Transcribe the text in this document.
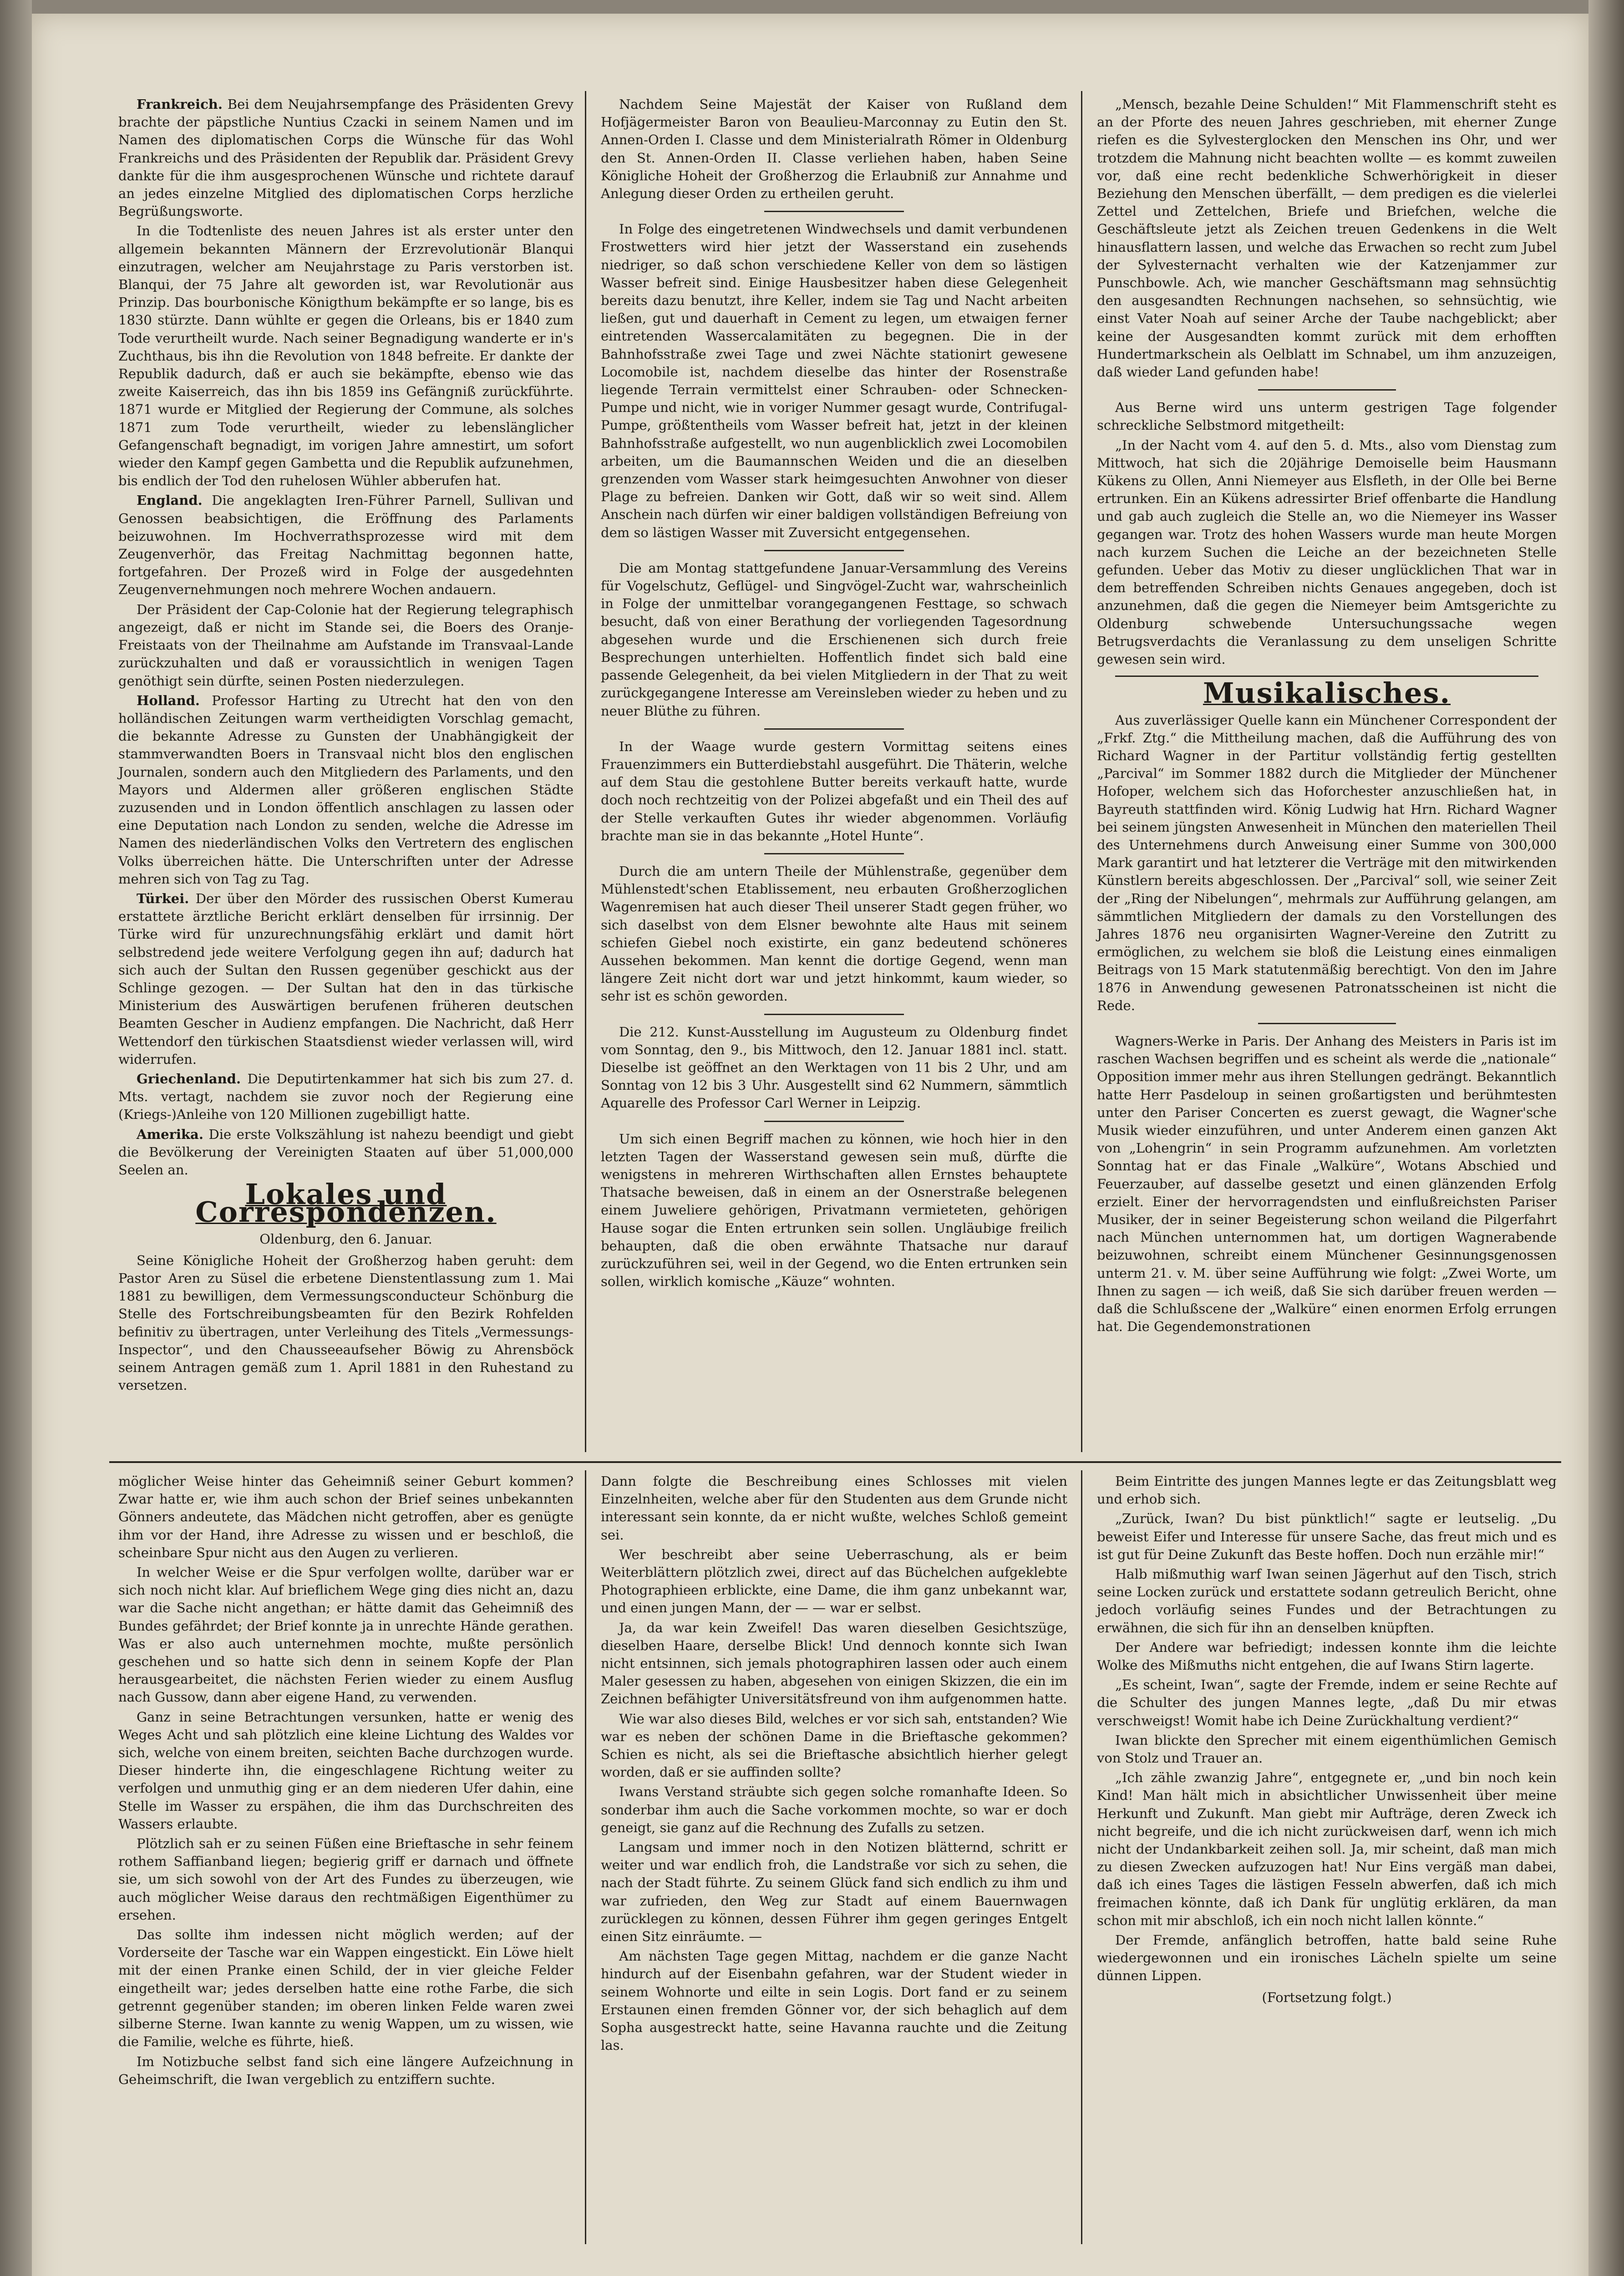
Frankreich. Bei dem Neujahrsempfange des Präsidenten Grevy brachte der päpstliche Nuntius Czacki in seinem Namen und im Namen des diplomatischen Corps die Wünsche für das Wohl Frankreichs und des Präsidenten der Republik dar. Präsident Grevy dankte für die ihm ausgesprochenen Wünsche und richtete darauf an jedes einzelne Mitglied des diplomatischen Corps herzliche Begrüßungsworte.

In die Todtenliste des neuen Jahres ist als erster unter den allgemein bekannten Männern der Erzrevolutionär Blanqui einzutragen, welcher am Neujahrstage zu Paris verstorben ist. Blanqui, der 75 Jahre alt geworden ist, war Revolutionär aus Prinzip. Das bourbonische Königthum bekämpfte er so lange, bis es 1830 stürzte. Dann wühlte er gegen die Orleans, bis er 1840 zum Tode verurtheilt wurde. Nach seiner Begnadigung wanderte er in's Zuchthaus, bis ihn die Revolution von 1848 befreite. Er dankte der Republik dadurch, daß er auch sie bekämpfte, ebenso wie das zweite Kaiserreich, das ihn bis 1859 ins Gefängniß zurückführte. 1871 wurde er Mitglied der Regierung der Commune, als solches 1871 zum Tode verurtheilt, wieder zu lebenslänglicher Gefangenschaft begnadigt, im vorigen Jahre amnestirt, um sofort wieder den Kampf gegen Gambetta und die Republik aufzunehmen, bis endlich der Tod den ruhelosen Wühler abberufen hat.

England. Die angeklagten Iren-Führer Parnell, Sullivan und Genossen beabsichtigen, die Eröffnung des Parlaments beizuwohnen. Im Hochverrathsprozesse wird mit dem Zeugenverhör, das Freitag Nachmittag begonnen hatte, fortgefahren. Der Prozeß wird in Folge der ausgedehnten Zeugenvernehmungen noch mehrere Wochen andauern.

Der Präsident der Cap-Colonie hat der Regierung telegraphisch angezeigt, daß er nicht im Stande sei, die Boers des Oranje-Freistaats von der Theilnahme am Aufstande im Transvaal-Lande zurückzuhalten und daß er voraussichtlich in wenigen Tagen genöthigt sein dürfte, seinen Posten niederzulegen.

Holland. Professor Harting zu Utrecht hat den von den holländischen Zeitungen warm vertheidigten Vorschlag gemacht, die bekannte Adresse zu Gunsten der Unabhängigkeit der stammverwandten Boers in Transvaal nicht blos den englischen Journalen, sondern auch den Mitgliedern des Parlaments, und den Mayors und Aldermen aller größeren englischen Städte zuzusenden und in London öffentlich anschlagen zu lassen oder eine Deputation nach London zu senden, welche die Adresse im Namen des niederländischen Volks den Vertretern des englischen Volks überreichen hätte. Die Unterschriften unter der Adresse mehren sich von Tag zu Tag.

Türkei. Der über den Mörder des russischen Oberst Kumerau erstattete ärztliche Bericht erklärt denselben für irrsinnig. Der Türke wird für unzurechnungsfähig erklärt und damit hört selbstredend jede weitere Verfolgung gegen ihn auf; dadurch hat sich auch der Sultan den Russen gegenüber geschickt aus der Schlinge gezogen. — Der Sultan hat den in das türkische Ministerium des Auswärtigen berufenen früheren deutschen Beamten Gescher in Audienz empfangen. Die Nachricht, daß Herr Wettendorf den türkischen Staatsdienst wieder verlassen will, wird widerrufen.

Griechenland. Die Deputirtenkammer hat sich bis zum 27. d. Mts. vertagt, nachdem sie zuvor noch der Regierung eine (Kriegs-)Anleihe von 120 Millionen zugebilligt hatte.

Amerika. Die erste Volkszählung ist nahezu beendigt und giebt die Bevölkerung der Vereinigten Staaten auf über 51,000,000 Seelen an.

Lokales und Correspondenzen.

Oldenburg, den 6. Januar.

Seine Königliche Hoheit der Großherzog haben geruht: dem Pastor Aren zu Süsel die erbetene Dienstentlassung zum 1. Mai 1881 zu bewilligen, dem Vermessungsconducteur Schönburg die Stelle des Fortschreibungsbeamten für den Bezirk Rohfelden befinitiv zu übertragen, unter Verleihung des Titels „Vermessungs-Inspector“, und den Chausseeaufseher Böwig zu Ahrensböck seinem Antragen gemäß zum 1. April 1881 in den Ruhestand zu versetzen.

Nachdem Seine Majestät der Kaiser von Rußland dem Hofjägermeister Baron von Beaulieu-Marconnay zu Eutin den St. Annen-Orden I. Classe und dem Ministerialrath Römer in Oldenburg den St. Annen-Orden II. Classe verliehen haben, haben Seine Königliche Hoheit der Großherzog die Erlaubniß zur Annahme und Anlegung dieser Orden zu ertheilen geruht.

In Folge des eingetretenen Windwechsels und damit verbundenen Frostwetters wird hier jetzt der Wasserstand ein zusehends niedriger, so daß schon verschiedene Keller von dem so lästigen Wasser befreit sind. Einige Hausbesitzer haben diese Gelegenheit bereits dazu benutzt, ihre Keller, indem sie Tag und Nacht arbeiten ließen, gut und dauerhaft in Cement zu legen, um etwaigen ferner eintretenden Wassercalamitäten zu begegnen. Die in der Bahnhofsstraße zwei Tage und zwei Nächte stationirt gewesene Locomobile ist, nachdem dieselbe das hinter der Rosenstraße liegende Terrain vermittelst einer Schrauben- oder Schnecken-Pumpe und nicht, wie in voriger Nummer gesagt wurde, Contrifugal-Pumpe, größtentheils vom Wasser befreit hat, jetzt in der kleinen Bahnhofsstraße aufgestellt, wo nun augenblicklich zwei Locomobilen arbeiten, um die Baumannschen Weiden und die an dieselben grenzenden vom Wasser stark heimgesuchten Anwohner von dieser Plage zu befreien. Danken wir Gott, daß wir so weit sind. Allem Anschein nach dürfen wir einer baldigen vollständigen Befreiung von dem so lästigen Wasser mit Zuversicht entgegensehen.

Die am Montag stattgefundene Januar-Versammlung des Vereins für Vogelschutz, Geflügel- und Singvögel-Zucht war, wahrscheinlich in Folge der unmittelbar vorangegangenen Festtage, so schwach besucht, daß von einer Berathung der vorliegenden Tagesordnung abgesehen wurde und die Erschienenen sich durch freie Besprechungen unterhielten. Hoffentlich findet sich bald eine passende Gelegenheit, da bei vielen Mitgliedern in der That zu weit zurückgegangene Interesse am Vereinsleben wieder zu heben und zu neuer Blüthe zu führen.

In der Waage wurde gestern Vormittag seitens eines Frauenzimmers ein Butterdiebstahl ausgeführt. Die Thäterin, welche auf dem Stau die gestohlene Butter bereits verkauft hatte, wurde doch noch rechtzeitig von der Polizei abgefaßt und ein Theil des auf der Stelle verkauften Gutes ihr wieder abgenommen. Vorläufig brachte man sie in das bekannte „Hotel Hunte“.

Durch die am untern Theile der Mühlenstraße, gegenüber dem Mühlenstedt'schen Etablissement, neu erbauten Großherzoglichen Wagenremisen hat auch dieser Theil unserer Stadt gegen früher, wo sich daselbst von dem Elsner bewohnte alte Haus mit seinem schiefen Giebel noch existirte, ein ganz bedeutend schöneres Aussehen bekommen. Man kennt die dortige Gegend, wenn man längere Zeit nicht dort war und jetzt hinkommt, kaum wieder, so sehr ist es schön geworden.

Die 212. Kunst-Ausstellung im Augusteum zu Oldenburg findet vom Sonntag, den 9., bis Mittwoch, den 12. Januar 1881 incl. statt. Dieselbe ist geöffnet an den Werktagen von 11 bis 2 Uhr, und am Sonntag von 12 bis 3 Uhr. Ausgestellt sind 62 Nummern, sämmtlich Aquarelle des Professor Carl Werner in Leipzig.

Um sich einen Begriff machen zu können, wie hoch hier in den letzten Tagen der Wasserstand gewesen sein muß, dürfte die wenigstens in mehreren Wirthschaften allen Ernstes behauptete Thatsache beweisen, daß in einem an der Osnerstraße belegenen einem Juweliere gehörigen, Privatmann vermieteten, gehörigen Hause sogar die Enten ertrunken sein sollen. Ungläubige freilich behaupten, daß die oben erwähnte Thatsache nur darauf zurückzuführen sei, weil in der Gegend, wo die Enten ertrunken sein sollen, wirklich komische „Käuze“ wohnten.

„Mensch, bezahle Deine Schulden!“ Mit Flammenschrift steht es an der Pforte des neuen Jahres geschrieben, mit eherner Zunge riefen es die Sylvesterglocken den Menschen ins Ohr, und wer trotzdem die Mahnung nicht beachten wollte — es kommt zuweilen vor, daß eine recht bedenkliche Schwerhörigkeit in dieser Beziehung den Menschen überfällt, — dem predigen es die vielerlei Zettel und Zettelchen, Briefe und Briefchen, welche die Geschäftsleute jetzt als Zeichen treuen Gedenkens in die Welt hinausflattern lassen, und welche das Erwachen so recht zum Jubel der Sylvesternacht verhalten wie der Katzenjammer zur Punschbowle. Ach, wie mancher Geschäftsmann mag sehnsüchtig den ausgesandten Rechnungen nachsehen, so sehnsüchtig, wie einst Vater Noah auf seiner Arche der Taube nachgeblickt; aber keine der Ausgesandten kommt zurück mit dem erhofften Hundertmarkschein als Oelblatt im Schnabel, um ihm anzuzeigen, daß wieder Land gefunden habe!

Aus Berne wird uns unterm gestrigen Tage folgender schreckliche Selbstmord mitgetheilt:

„In der Nacht vom 4. auf den 5. d. Mts., also vom Dienstag zum Mittwoch, hat sich die 20jährige Demoiselle beim Hausmann Kükens zu Ollen, Anni Niemeyer aus Elsfleth, in der Olle bei Berne ertrunken. Ein an Kükens adressirter Brief offenbarte die Handlung und gab auch zugleich die Stelle an, wo die Niemeyer ins Wasser gegangen war. Trotz des hohen Wassers wurde man heute Morgen nach kurzem Suchen die Leiche an der bezeichneten Stelle gefunden. Ueber das Motiv zu dieser unglücklichen That war in dem betreffenden Schreiben nichts Genaues angegeben, doch ist anzunehmen, daß die gegen die Niemeyer beim Amtsgerichte zu Oldenburg schwebende Untersuchungssache wegen Betrugsverdachts die Veranlassung zu dem unseligen Schritte gewesen sein wird.

Musikalisches.

Aus zuverlässiger Quelle kann ein Münchener Correspondent der „Frkf. Ztg.“ die Mittheilung machen, daß die Aufführung des von Richard Wagner in der Partitur vollständig fertig gestellten „Parcival“ im Sommer 1882 durch die Mitglieder der Münchener Hofoper, welchem sich das Hoforchester anzuschließen hat, in Bayreuth stattfinden wird. König Ludwig hat Hrn. Richard Wagner bei seinem jüngsten Anwesenheit in München den materiellen Theil des Unternehmens durch Anweisung einer Summe von 300,000 Mark garantirt und hat letzterer die Verträge mit den mitwirkenden Künstlern bereits abgeschlossen. Der „Parcival“ soll, wie seiner Zeit der „Ring der Nibelungen“, mehrmals zur Aufführung gelangen, am sämmtlichen Mitgliedern der damals zu den Vorstellungen des Jahres 1876 neu organisirten Wagner-Vereine den Zutritt zu ermöglichen, zu welchem sie bloß die Leistung eines einmaligen Beitrags von 15 Mark statutenmäßig berechtigt. Von den im Jahre 1876 in Anwendung gewesenen Patronatsscheinen ist nicht die Rede.

Wagners-Werke in Paris. Der Anhang des Meisters in Paris ist im raschen Wachsen begriffen und es scheint als werde die „nationale“ Opposition immer mehr aus ihren Stellungen gedrängt. Bekanntlich hatte Herr Pasdeloup in seinen großartigsten und berühmtesten unter den Pariser Concerten es zuerst gewagt, die Wagner'sche Musik wieder einzuführen, und unter Anderem einen ganzen Akt von „Lohengrin“ in sein Programm aufzunehmen. Am vorletzten Sonntag hat er das Finale „Walküre“, Wotans Abschied und Feuerzauber, auf dasselbe gesetzt und einen glänzenden Erfolg erzielt. Einer der hervorragendsten und einflußreichsten Pariser Musiker, der in seiner Begeisterung schon weiland die Pilgerfahrt nach München unternommen hat, um dortigen Wagnerabende beizuwohnen, schreibt einem Münchener Gesinnungsgenossen unterm 21. v. M. über seine Aufführung wie folgt: „Zwei Worte, um Ihnen zu sagen — ich weiß, daß Sie sich darüber freuen werden — daß die Schlußscene der „Walküre“ einen enormen Erfolg errungen hat. Die Gegendemonstrationen

möglicher Weise hinter das Geheimniß seiner Geburt kommen? Zwar hatte er, wie ihm auch schon der Brief seines unbekannten Gönners andeutete, das Mädchen nicht getroffen, aber es genügte ihm vor der Hand, ihre Adresse zu wissen und er beschloß, die scheinbare Spur nicht aus den Augen zu verlieren.

In welcher Weise er die Spur verfolgen wollte, darüber war er sich noch nicht klar. Auf brieflichem Wege ging dies nicht an, dazu war die Sache nicht angethan; er hätte damit das Geheimniß des Bundes gefährdet; der Brief konnte ja in unrechte Hände gerathen. Was er also auch unternehmen mochte, mußte persönlich geschehen und so hatte sich denn in seinem Kopfe der Plan herausgearbeitet, die nächsten Ferien wieder zu einem Ausflug nach Gussow, dann aber eigene Hand, zu verwenden.

Ganz in seine Betrachtungen versunken, hatte er wenig des Weges Acht und sah plötzlich eine kleine Lichtung des Waldes vor sich, welche von einem breiten, seichten Bache durchzogen wurde. Dieser hinderte ihn, die eingeschlagene Richtung weiter zu verfolgen und unmuthig ging er an dem niederen Ufer dahin, eine Stelle im Wasser zu erspähen, die ihm das Durchschreiten des Wassers erlaubte.

Plötzlich sah er zu seinen Füßen eine Brieftasche in sehr feinem rothem Saffianband liegen; begierig griff er darnach und öffnete sie, um sich sowohl von der Art des Fundes zu überzeugen, wie auch möglicher Weise daraus den rechtmäßigen Eigenthümer zu ersehen.

Das sollte ihm indessen nicht möglich werden; auf der Vorderseite der Tasche war ein Wappen eingestickt. Ein Löwe hielt mit der einen Pranke einen Schild, der in vier gleiche Felder eingetheilt war; jedes derselben hatte eine rothe Farbe, die sich getrennt gegenüber standen; im oberen linken Felde waren zwei silberne Sterne. Iwan kannte zu wenig Wappen, um zu wissen, wie die Familie, welche es führte, hieß.

Im Notizbuche selbst fand sich eine längere Aufzeichnung in Geheimschrift, die Iwan vergeblich zu entziffern suchte.

Dann folgte die Beschreibung eines Schlosses mit vielen Einzelnheiten, welche aber für den Studenten aus dem Grunde nicht interessant sein konnte, da er nicht wußte, welches Schloß gemeint sei.

Wer beschreibt aber seine Ueberraschung, als er beim Weiterblättern plötzlich zwei, direct auf das Büchelchen aufgeklebte Photographieen erblickte, eine Dame, die ihm ganz unbekannt war, und einen jungen Mann, der — — war er selbst.

Ja, da war kein Zweifel! Das waren dieselben Gesichtszüge, dieselben Haare, derselbe Blick! Und dennoch konnte sich Iwan nicht entsinnen, sich jemals photographiren lassen oder auch einem Maler gesessen zu haben, abgesehen von einigen Skizzen, die ein im Zeichnen befähigter Universitätsfreund von ihm aufgenommen hatte.

Wie war also dieses Bild, welches er vor sich sah, entstanden? Wie war es neben der schönen Dame in die Brieftasche gekommen? Schien es nicht, als sei die Brieftasche absichtlich hierher gelegt worden, daß er sie auffinden sollte?

Iwans Verstand sträubte sich gegen solche romanhafte Ideen. So sonderbar ihm auch die Sache vorkommen mochte, so war er doch geneigt, sie ganz auf die Rechnung des Zufalls zu setzen.

Langsam und immer noch in den Notizen blätternd, schritt er weiter und war endlich froh, die Landstraße vor sich zu sehen, die nach der Stadt führte. Zu seinem Glück fand sich endlich zu ihm und war zufrieden, den Weg zur Stadt auf einem Bauernwagen zurücklegen zu können, dessen Führer ihm gegen geringes Entgelt einen Sitz einräumte. —

Am nächsten Tage gegen Mittag, nachdem er die ganze Nacht hindurch auf der Eisenbahn gefahren, war der Student wieder in seinem Wohnorte und eilte in sein Logis. Dort fand er zu seinem Erstaunen einen fremden Gönner vor, der sich behaglich auf dem Sopha ausgestreckt hatte, seine Havanna rauchte und die Zeitung las.

Beim Eintritte des jungen Mannes legte er das Zeitungsblatt weg und erhob sich.

„Zurück, Iwan? Du bist pünktlich!“ sagte er leutselig. „Du beweist Eifer und Interesse für unsere Sache, das freut mich und es ist gut für Deine Zukunft das Beste hoffen. Doch nun erzähle mir!“

Halb mißmuthig warf Iwan seinen Jägerhut auf den Tisch, strich seine Locken zurück und erstattete sodann getreulich Bericht, ohne jedoch vorläufig seines Fundes und der Betrachtungen zu erwähnen, die sich für ihn an denselben knüpften.

Der Andere war befriedigt; indessen konnte ihm die leichte Wolke des Mißmuths nicht entgehen, die auf Iwans Stirn lagerte.

„Es scheint, Iwan“, sagte der Fremde, indem er seine Rechte auf die Schulter des jungen Mannes legte, „daß Du mir etwas verschweigst! Womit habe ich Deine Zurückhaltung verdient?“

Iwan blickte den Sprecher mit einem eigenthümlichen Gemisch von Stolz und Trauer an.

„Ich zähle zwanzig Jahre“, entgegnete er, „und bin noch kein Kind! Man hält mich in absichtlicher Unwissenheit über meine Herkunft und Zukunft. Man giebt mir Aufträge, deren Zweck ich nicht begreife, und die ich nicht zurückweisen darf, wenn ich mich nicht der Undankbarkeit zeihen soll. Ja, mir scheint, daß man mich zu diesen Zwecken aufzuzogen hat! Nur Eins vergäß man dabei, daß ich eines Tages die lästigen Fesseln abwerfen, daß ich mich freimachen könnte, daß ich Dank für unglütig erklären, da man schon mit mir abschloß, ich ein noch nicht lallen könnte.“

Der Fremde, anfänglich betroffen, hatte bald seine Ruhe wiedergewonnen und ein ironisches Lächeln spielte um seine dünnen Lippen.

(Fortsetzung folgt.)
